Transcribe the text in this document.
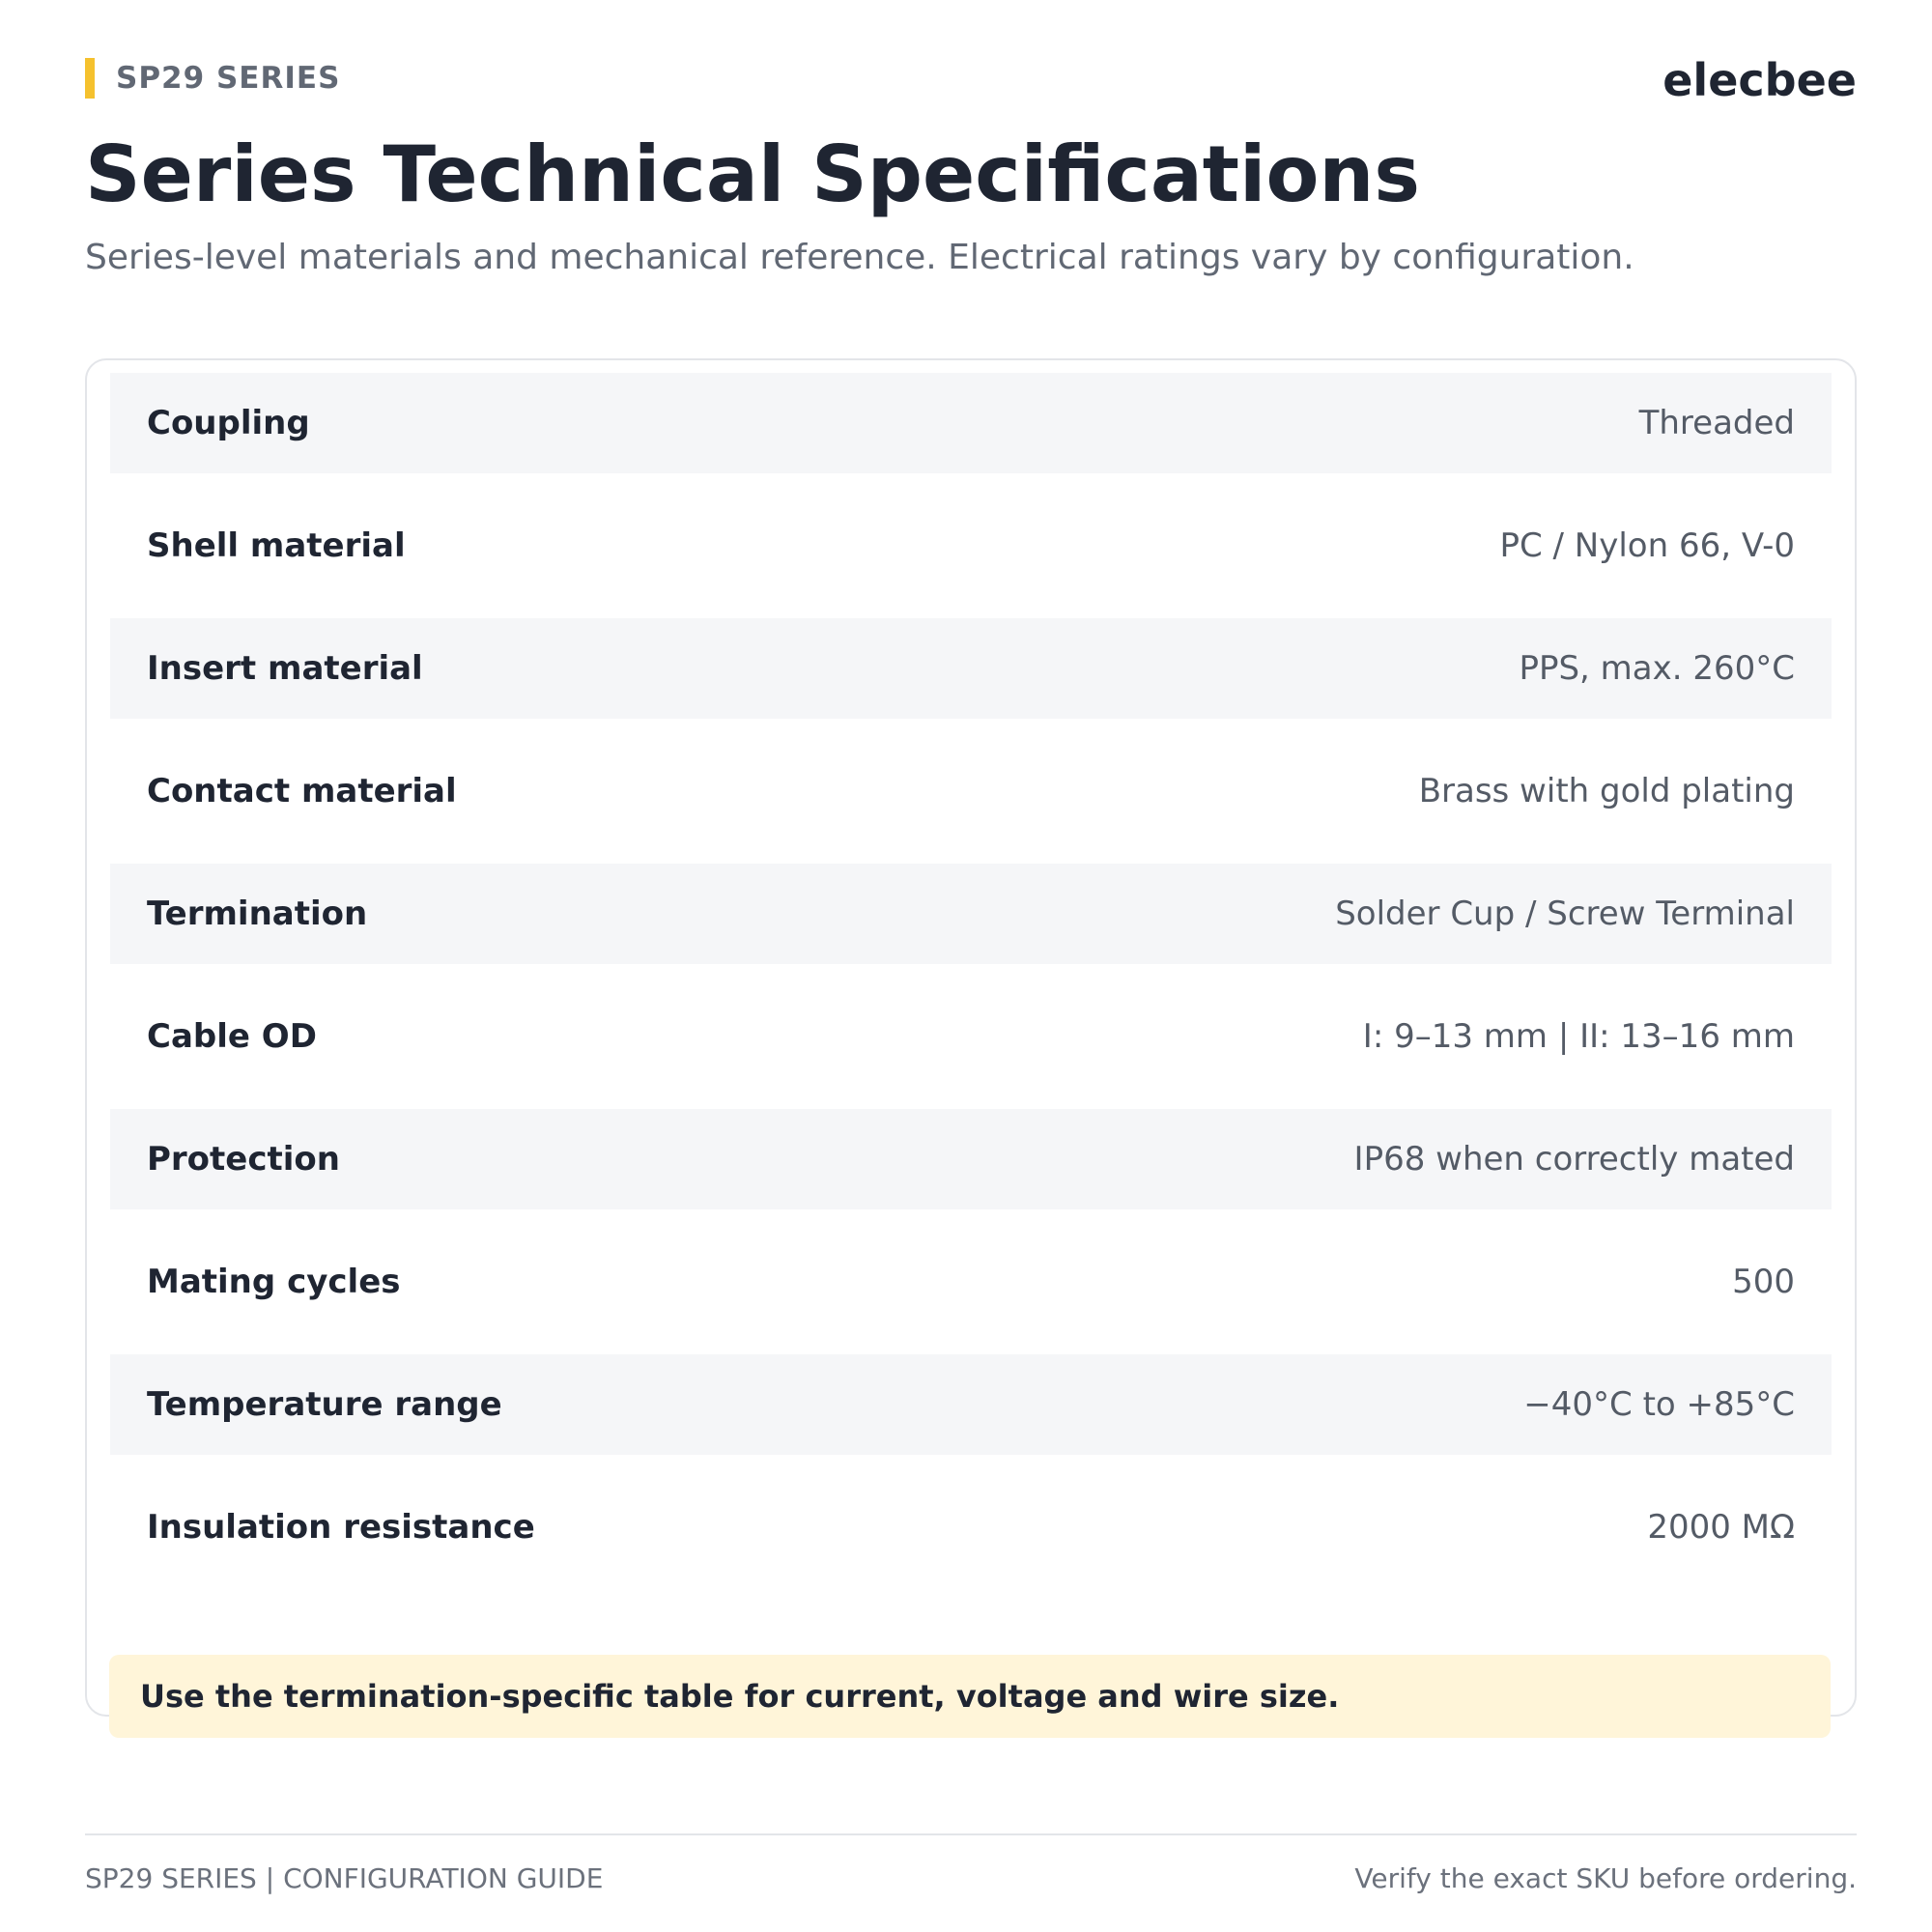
SP29 SERIES	elecbee
Series Technical Specifications

Series-level materials and mechanical reference. Electrical ratings vary by configuration.

Coupling	Threaded
Shell material	PC / Nylon 66, V-0
Insert material	PPS, max. 260°C
Contact material	Brass with gold plating
Termination	Solder Cup / Screw Terminal
Cable OD	I: 9–13 mm | II: 13–16 mm
Protection	IP68 when correctly mated
Mating cycles	500
Temperature range	−40°C to +85°C
Insulation resistance	2000 MΩ
Use the termination-specific table for current, voltage and wire size.
SP29 SERIES | CONFIGURATION GUIDE	Verify the exact SKU before ordering.
